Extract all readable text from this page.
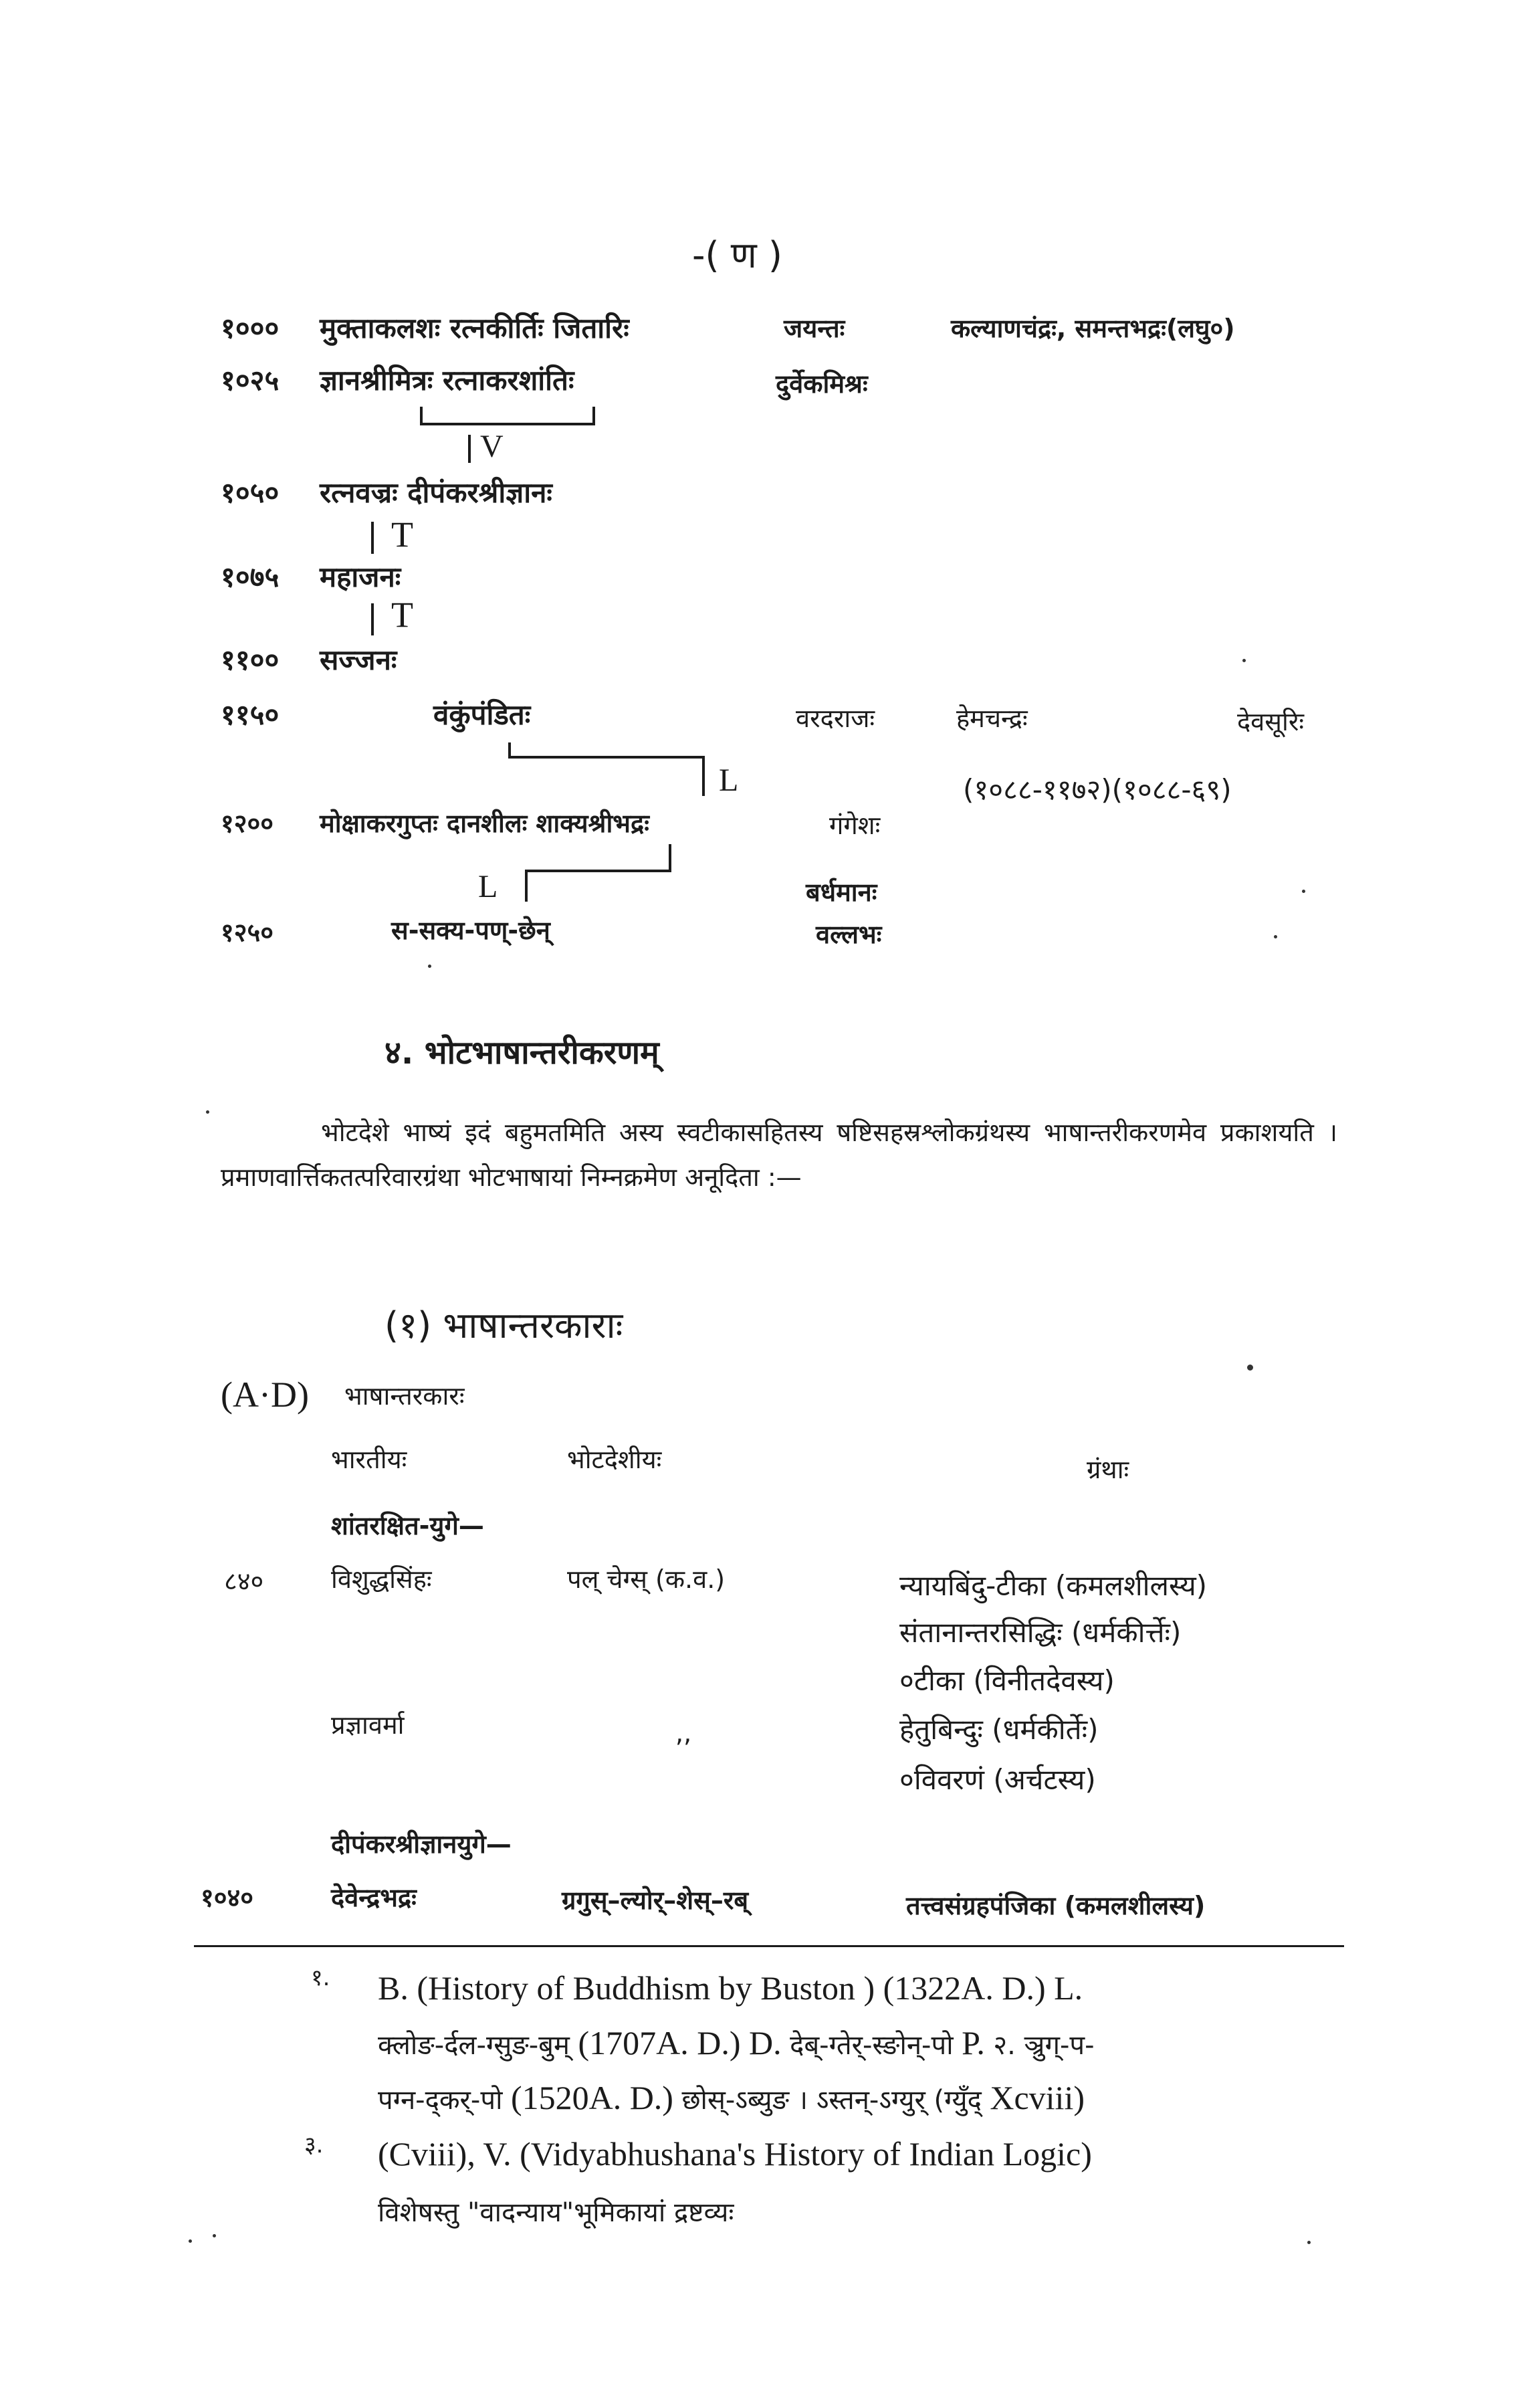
-( ण )
१००० मुक्ताकलशः रत्नकीर्तिः जितारिः	जयन्तः	कल्याणचंद्रः, समन्तभद्रः(लघु०)
१०२५ ज्ञानश्रीमित्रः रत्नाकरशांतिः	दुर्वेकमिश्रः
V
१०५० रत्नवज्रः दीपंकरश्रीज्ञानः
T
१०७५ महाजनः
T
११०० सज्जनः
११५०	वंकुंपंडितः	वरदराजः	हेमचन्द्रः	देवसूरिः
L	(१०८८-११७२)(१०८८-६९)
१२०० मोक्षाकरगुप्तः दानशीलः शाक्यश्रीभद्रः	गंगेशः
L	बर्धमानः
१२५०	स-सक्य-पण्-छेन्	वल्लभः
४. भोटभाषान्तरीकरणम्
भोटदेशे भाष्यं इदं बहुमतमिति अस्य स्वटीकासहितस्य षष्टिसहस्रश्लोकग्रंथस्य भाषान्तरीकरणमेव प्रकाशयति । प्रमाणवार्त्तिकतत्परिवारग्रंथा भोटभाषायां निम्नक्रमेण अनूदिता :—
(१) भाषान्तरकाराः
(A·D) भाषान्तरकारः
भारतीयः	भोटदेशीयः	ग्रंथाः
शांतरक्षित-युगे—
८४०	विशुद्धसिंहः	पल् चेग्स् (क.व.)	न्यायबिंदु-टीका (कमलशीलस्य)
संतानान्तरसिद्धिः (धर्मकीर्त्तेः)
०टीका (विनीतदेवस्य)
प्रज्ञावर्मा	,,	हेतुबिन्दुः (धर्मकीर्तेः)
०विवरणं (अर्चटस्य)
दीपंकरश्रीज्ञानयुगे—
१०४०	देवेन्द्रभद्रः	ग्रगुस्–ल्योर्–शेस्–रब्	तत्त्वसंग्रहपंजिका (कमलशीलस्य)
१. B. (History of Buddhism by Buston ) (1322A. D.) L.
क्लोङ-र्दल-ग्सुङ-बुम् (1707A. D.) D. देब्-ग्तेर्-स्ङोन्-पो P. २. ञ्रुग्-प-
पग्न-द्कर्-पो (1520A. D.) छोस्-ऽब्युङ । ऽस्तन्-ऽग्युर् (ग्युँद् Xcviii)
३. (Cviii), V. (Vidyabhushana's History of Indian Logic)
विशेषस्तु "वादन्याय"भूमिकायां द्रष्टव्यः
